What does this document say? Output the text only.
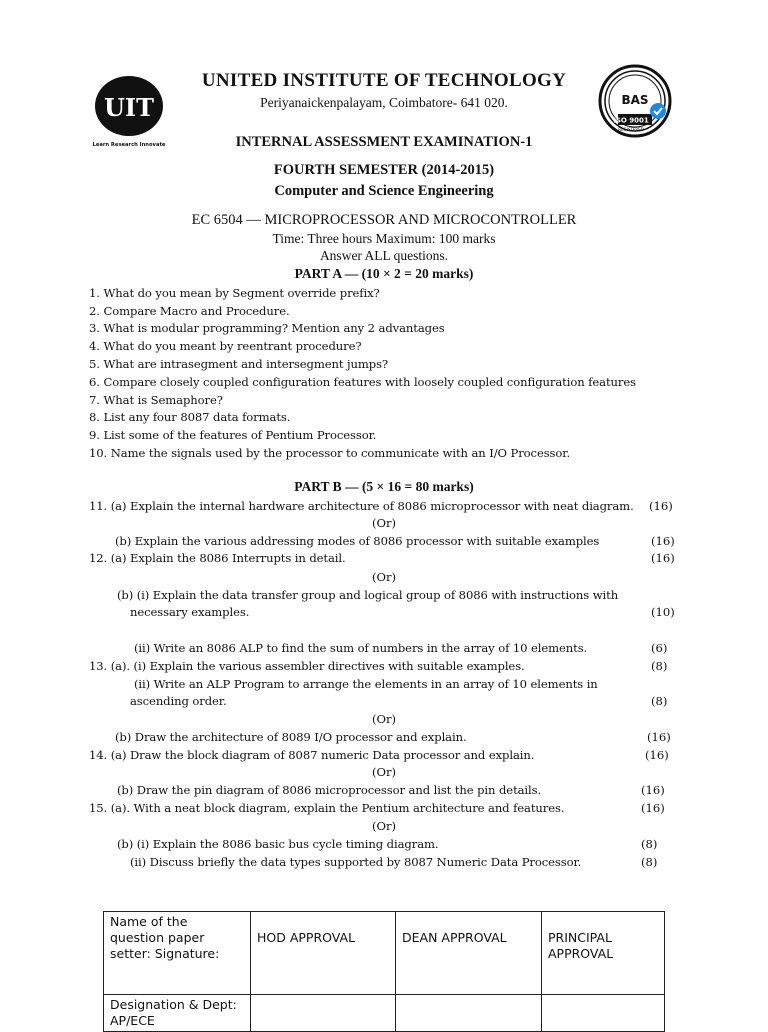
UIT
Learn Research Innovate
BAS
ISO 9001
REGISTERED
UNITED INSTITUTE OF TECHNOLOGY
Periyanaickenpalayam, Coimbatore- 641 020.
INTERNAL ASSESSMENT EXAMINATION-1
FOURTH SEMESTER (2014-2015)
Computer and Science Engineering
EC 6504 — MICROPROCESSOR AND MICROCONTROLLER
Time: Three hours Maximum: 100 marks
Answer ALL questions.
PART A — (10 × 2 = 20 marks)
1. What do you mean by Segment override prefix?
2. Compare Macro and Procedure.
3. What is modular programming? Mention any 2 advantages
4. What do you meant by reentrant procedure?
5. What are intrasegment and intersegment jumps?
6. Compare closely coupled configuration features with loosely coupled configuration features
7. What is Semaphore?
8. List any four 8087 data formats.
9. List some of the features of Pentium Processor.
10. Name the signals used by the processor to communicate with an I/O Processor.
PART B — (5 × 16 = 80 marks)
11. (a) Explain the internal hardware architecture of 8086 microprocessor with neat diagram. (16)
(Or)
(b) Explain the various addressing modes of 8086 processor with suitable examples	(16)
12. (a) Explain the 8086 Interrupts in detail.	(16)
(Or)
(b) (i) Explain the data transfer group and logical group of 8086 with instructions with
necessary examples.	(10)
(ii) Write an 8086 ALP to find the sum of numbers in the array of 10 elements.	(6)
13. (a). (i) Explain the various assembler directives with suitable examples.	(8)
(ii) Write an ALP Program to arrange the elements in an array of 10 elements in
ascending order.	(8)
(Or)
(b) Draw the architecture of 8089 I/O processor and explain.	(16)
14. (a) Draw the block diagram of 8087 numeric Data processor and explain.	(16)
(Or)
(b) Draw the pin diagram of 8086 microprocessor and list the pin details.	(16)
15. (a). With a neat block diagram, explain the Pentium architecture and features.	(16)
(Or)
(b) (i) Explain the 8086 basic bus cycle timing diagram.	(8)
(ii) Discuss briefly the data types supported by 8087 Numeric Data Processor.	(8)
Name of the question paper setter: Signature:	HOD APPROVAL	DEAN APPROVAL	PRINCIPAL APPROVAL
Designation & Dept: AP/ECE			
